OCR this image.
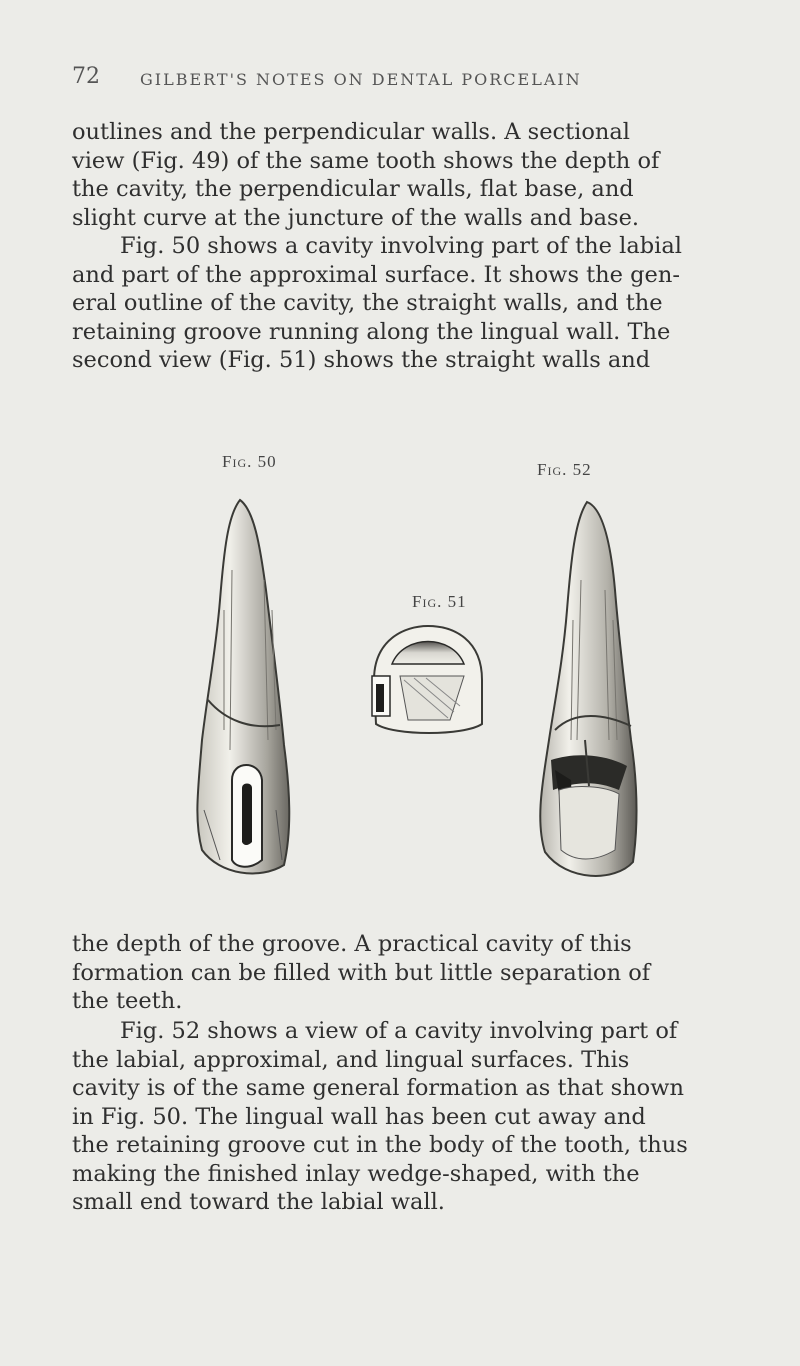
72	GILBERT'S NOTES ON DENTAL PORCELAIN

outlines and the perpendicular walls. A sectional
view (Fig. 49) of the same tooth shows the depth of
the cavity, the perpendicular walls, flat base, and
slight curve at the juncture of the walls and base.

Fig. 50 shows a cavity involving part of the labial
and part of the approximal surface. It shows the gen-
eral outline of the cavity, the straight walls, and the
retaining groove running along the lingual wall. The
second view (Fig. 51) shows the straight walls and

Fig. 50
Fig. 51
Fig. 52

the depth of the groove. A practical cavity of this
formation can be filled with but little separation of
the teeth.

Fig. 52 shows a view of a cavity involving part of
the labial, approximal, and lingual surfaces. This
cavity is of the same general formation as that shown
in Fig. 50. The lingual wall has been cut away and
the retaining groove cut in the body of the tooth, thus
making the finished inlay wedge-shaped, with the
small end toward the labial wall.
